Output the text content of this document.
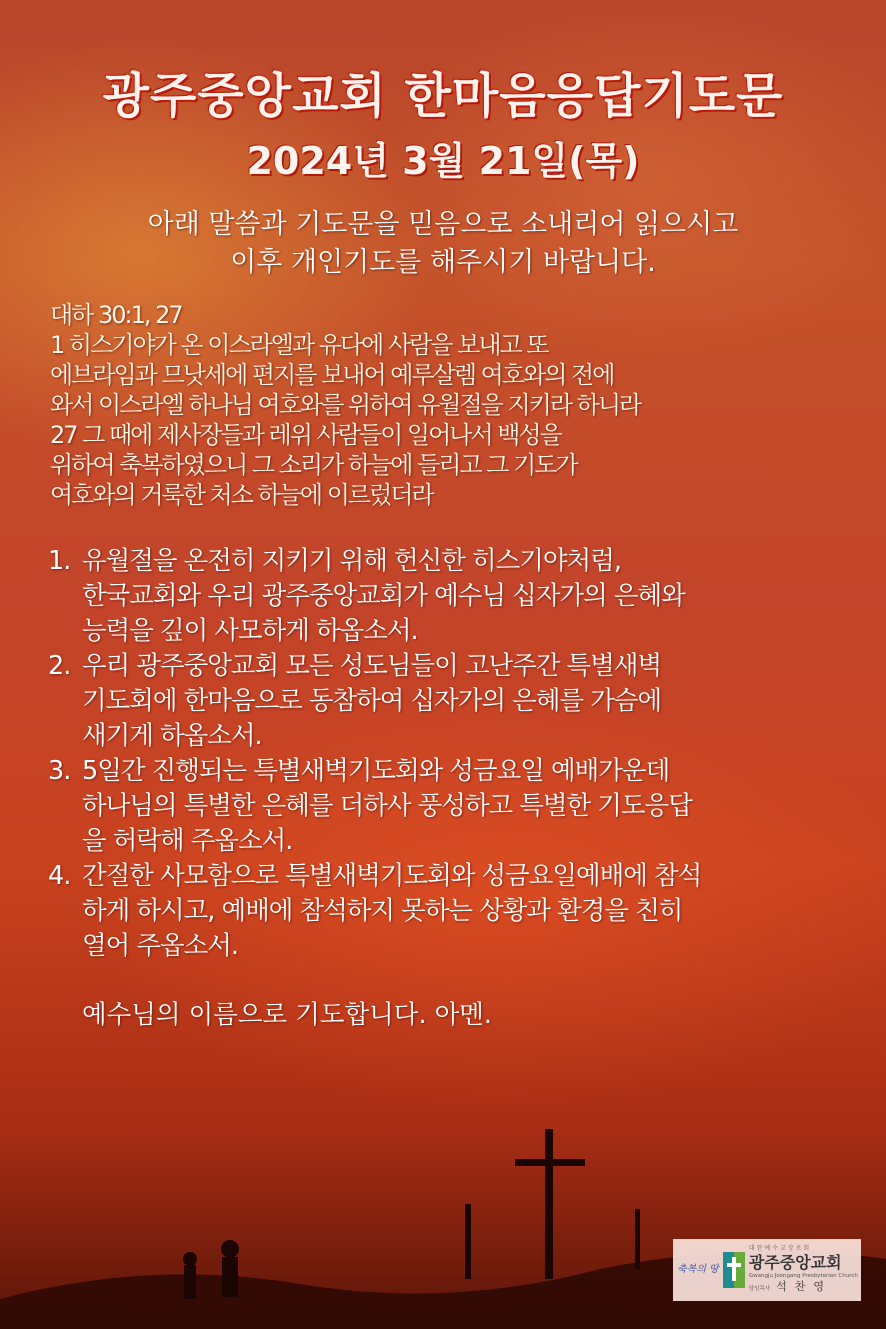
광주중앙교회 한마음응답기도문
2024년 3월 21일(목)
아래 말씀과 기도문을 믿음으로 소내리어 읽으시고
이후 개인기도를 해주시기 바랍니다.
대하 30:1, 27
1 히스기야가 온 이스라엘과 유다에 사람을 보내고 또
에브라임과 므낫세에 편지를 보내어 예루살렘 여호와의 전에
와서 이스라엘 하나님 여호와를 위하여 유월절을 지키라 하니라
27 그 때에 제사장들과 레위 사람들이 일어나서 백성을
위하여 축복하였으니 그 소리가 하늘에 들리고 그 기도가
여호와의 거룩한 처소 하늘에 이르렀더라
1. 유월절을 온전히 지키기 위해 헌신한 히스기야처럼,
한국교회와 우리 광주중앙교회가 예수님 십자가의 은혜와
능력을 깊이 사모하게 하옵소서.
2. 우리 광주중앙교회 모든 성도님들이 고난주간 특별새벽
기도회에 한마음으로 동참하여 십자가의 은혜를 가슴에
새기게 하옵소서.
3. 5일간 진행되는 특별새벽기도회와 성금요일 예배가운데
하나님의 특별한 은혜를 더하사 풍성하고 특별한 기도응답
을 허락해 주옵소서.
4. 간절한 사모함으로 특별새벽기도회와 성금요일예배에 참석
하게 하시고, 예배에 참석하지 못하는 상황과 환경을 친히
열어 주옵소서.
예수님의 이름으로 기도합니다. 아멘.
축복의 땅
대한예수교장로회
광주중앙교회
Gwangju Joongang Presbyterian Church
담임목사 석찬영
